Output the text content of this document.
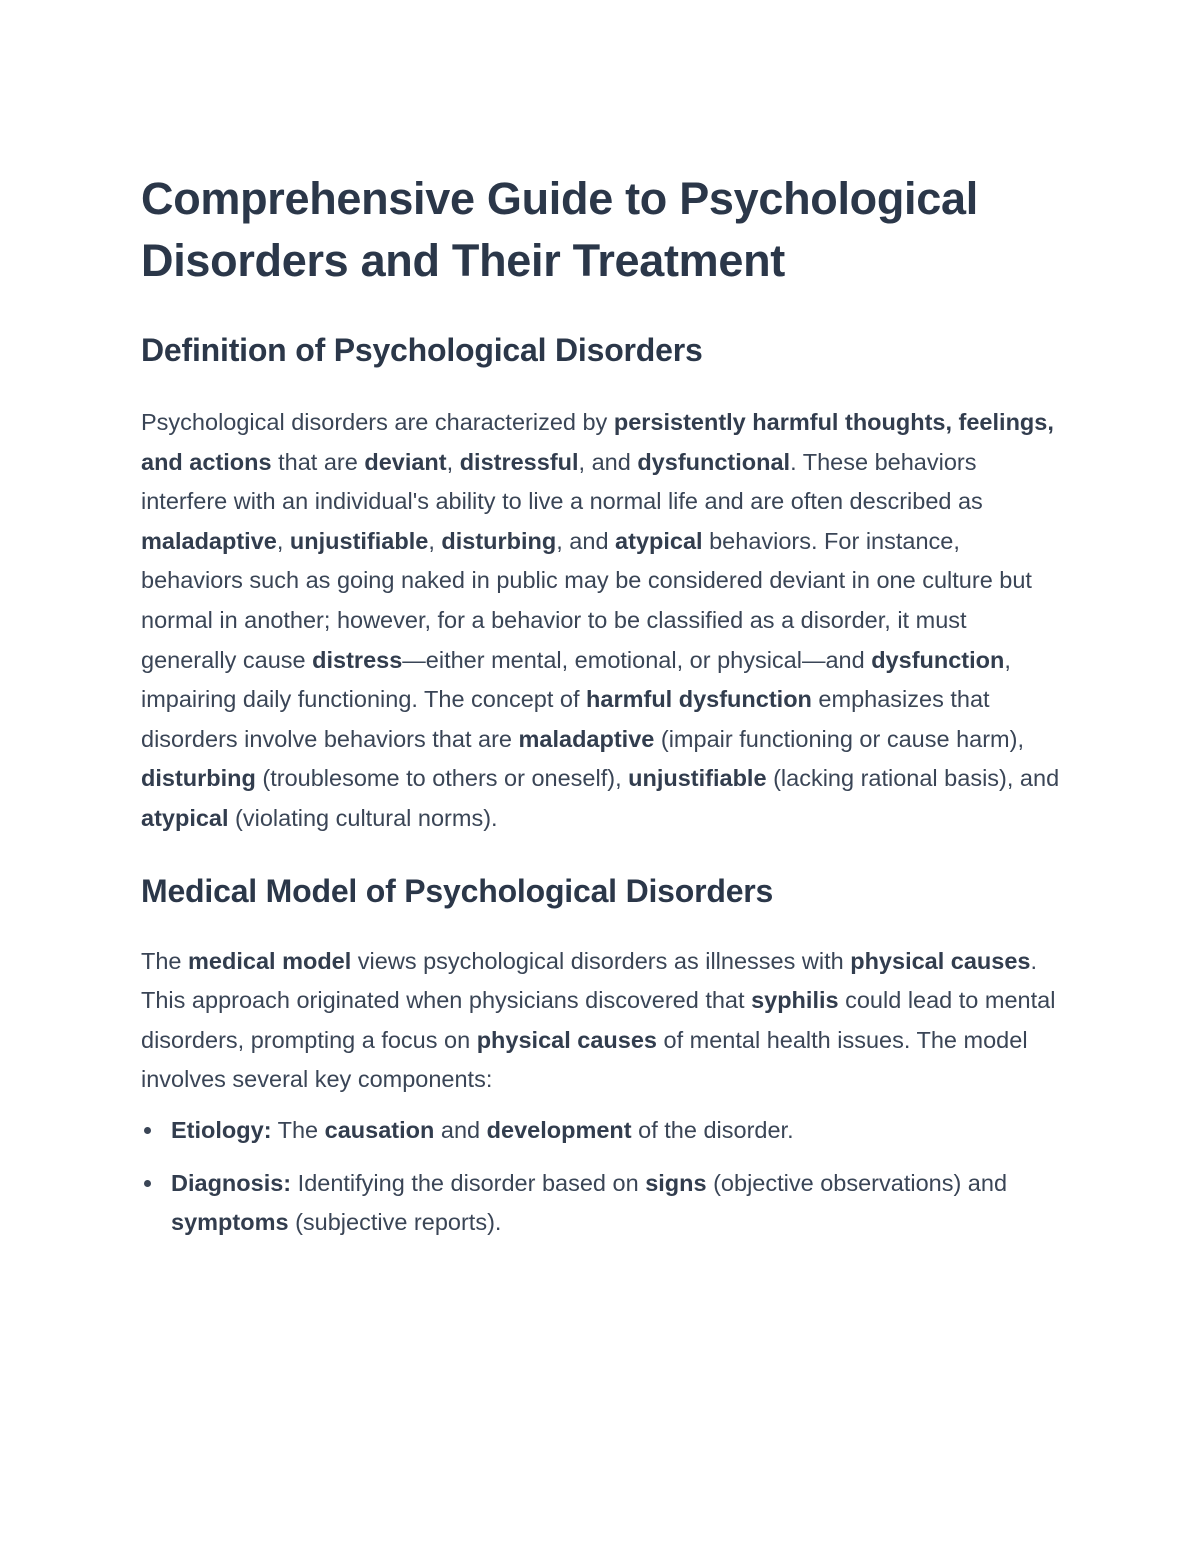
Comprehensive Guide to Psychological Disorders and Their Treatment
Definition of Psychological Disorders

Psychological disorders are characterized by persistently harmful thoughts, feelings, and actions that are deviant, distressful, and dysfunctional. These behaviors interfere with an individual's ability to live a normal life and are often described as maladaptive, unjustifiable, disturbing, and atypical behaviors. For instance, behaviors such as going naked in public may be considered deviant in one culture but normal in another; however, for a behavior to be classified as a disorder, it must generally cause distress—either mental, emotional, or physical—and dysfunction, impairing daily functioning. The concept of harmful dysfunction emphasizes that disorders involve behaviors that are maladaptive (impair functioning or cause harm), disturbing (troublesome to others or oneself), unjustifiable (lacking rational basis), and atypical (violating cultural norms).

Medical Model of Psychological Disorders

The medical model views psychological disorders as illnesses with physical causes. This approach originated when physicians discovered that syphilis could lead to mental disorders, prompting a focus on physical causes of mental health issues. The model involves several key components:

Etiology: The causation and development of the disorder.
Diagnosis: Identifying the disorder based on signs (objective observations) and symptoms (subjective reports).
